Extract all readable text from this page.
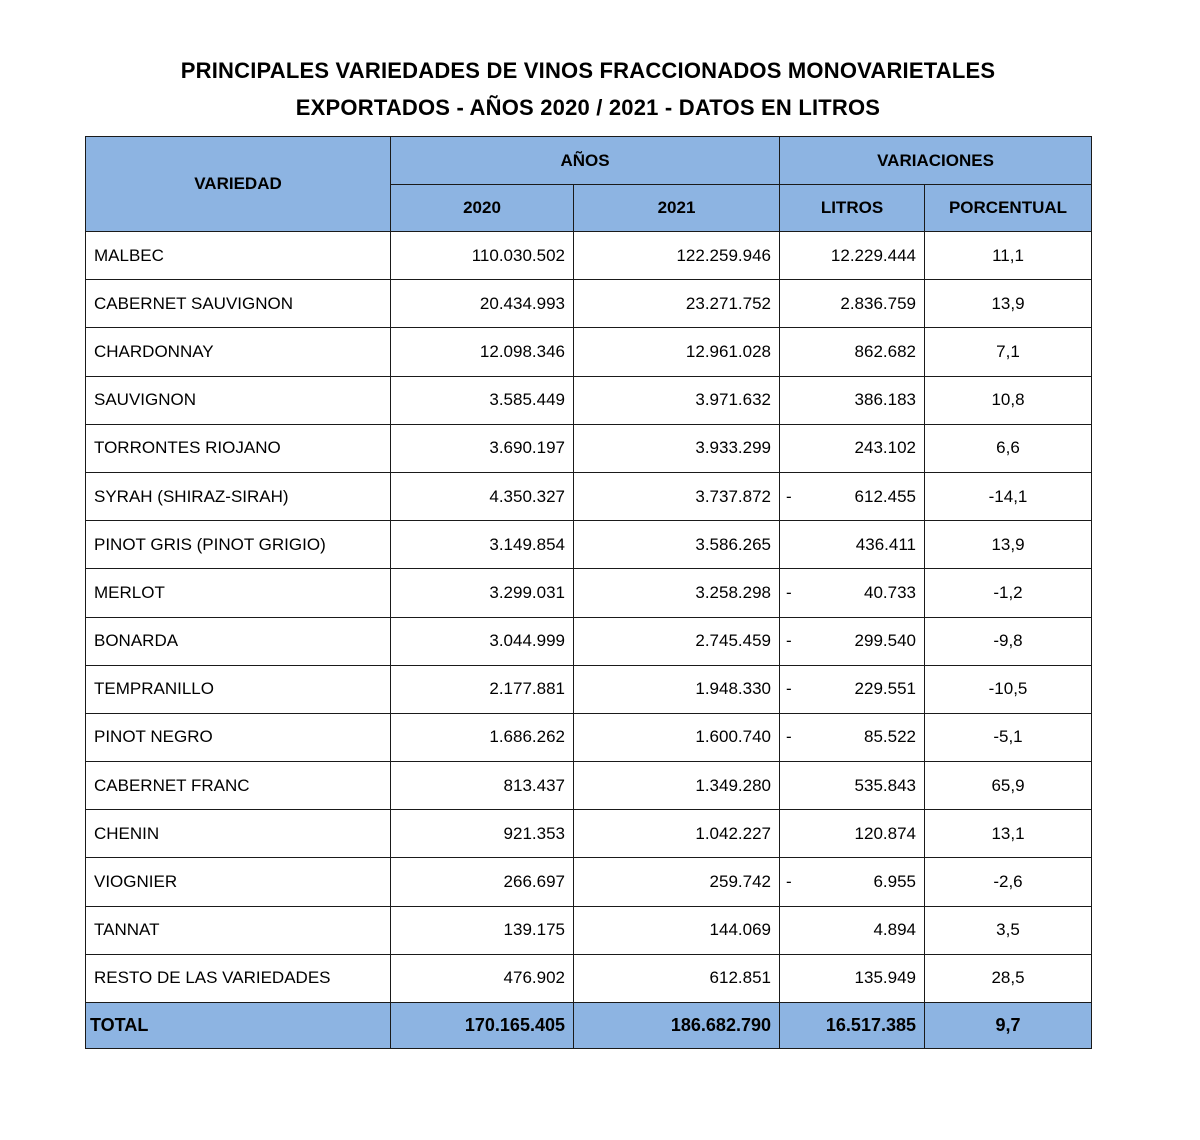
PRINCIPALES VARIEDADES DE VINOS FRACCIONADOS MONOVARIETALES
EXPORTADOS - AÑOS 2020 / 2021 - DATOS EN LITROS
VARIEDAD	AÑOS		VARIACIONES	
	2020	2021	LITROS	PORCENTUAL
MALBEC	110.030.502	122.259.946	12.229.444	11,1
CABERNET SAUVIGNON	20.434.993	23.271.752	2.836.759	13,9
CHARDONNAY	12.098.346	12.961.028	862.682	7,1
SAUVIGNON	3.585.449	3.971.632	386.183	10,8
TORRONTES RIOJANO	3.690.197	3.933.299	243.102	6,6
SYRAH (SHIRAZ-SIRAH)	4.350.327	3.737.872	- 612.455	-14,1
PINOT GRIS (PINOT GRIGIO)	3.149.854	3.586.265	436.411	13,9
MERLOT	3.299.031	3.258.298	- 40.733	-1,2
BONARDA	3.044.999	2.745.459	- 299.540	-9,8
TEMPRANILLO	2.177.881	1.948.330	- 229.551	-10,5
PINOT NEGRO	1.686.262	1.600.740	- 85.522	-5,1
CABERNET FRANC	813.437	1.349.280	535.843	65,9
CHENIN	921.353	1.042.227	120.874	13,1
VIOGNIER	266.697	259.742	- 6.955	-2,6
TANNAT	139.175	144.069	4.894	3,5
RESTO DE LAS VARIEDADES	476.902	612.851	135.949	28,5
TOTAL	170.165.405	186.682.790	16.517.385	9,7
